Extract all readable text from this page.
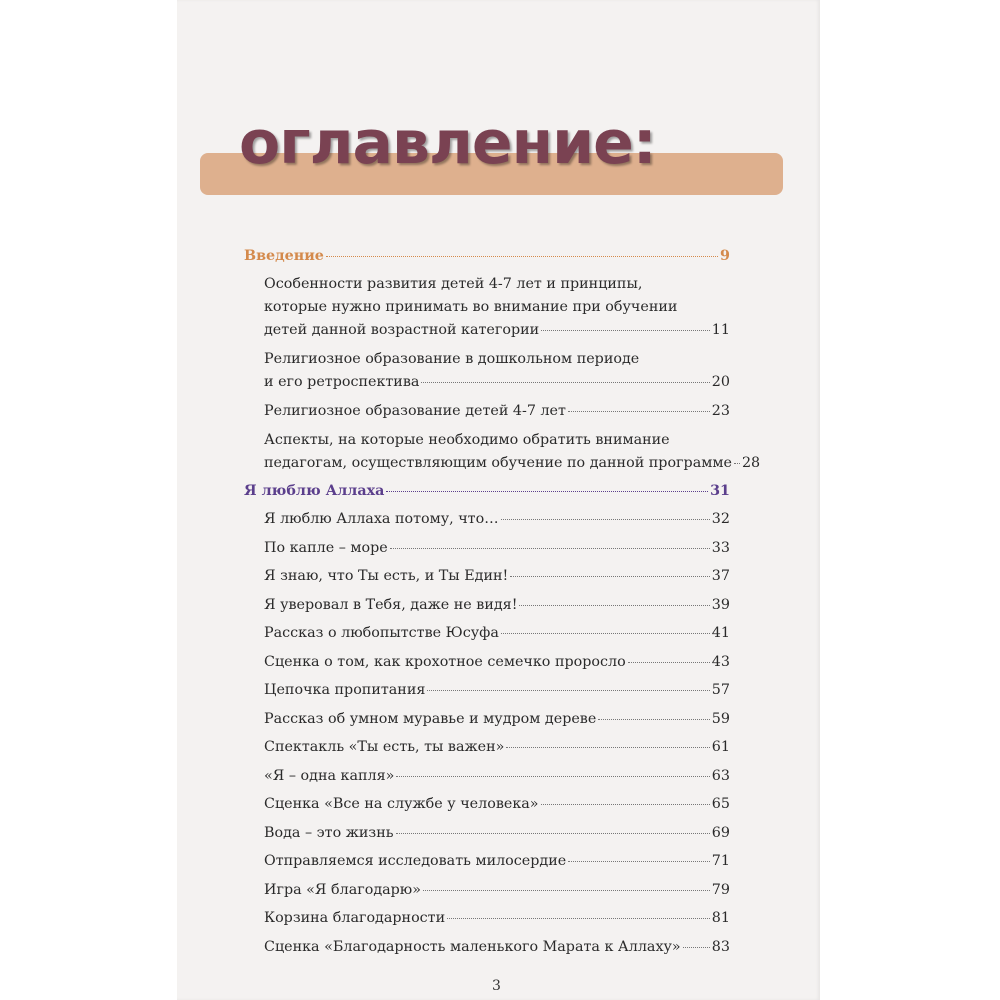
оглавление:
Введение	9
Особенности развития детей 4-7 лет и принципы,
которые нужно принимать во внимание при обучении
детей данной возрастной категории	11
Религиозное образование в дошкольном периоде
и его ретроспектива	20
Религиозное образование детей 4-7 лет	23
Аспекты, на которые необходимо обратить внимание
педагогам, осуществляющим обучение по данной программе 28
Я люблю Аллаха	31
Я люблю Аллаха потому, что…	32
По капле – море	33
Я знаю, что Ты есть, и Ты Един!	37
Я уверовал в Тебя, даже не видя!	39
Рассказ о любопытстве Юсуфа	41
Сценка о том, как крохотное семечко проросло	43
Цепочка пропитания	57
Рассказ об умном муравье и мудром дереве	59
Спектакль «Ты есть, ты важен»	61
«Я – одна капля»	63
Сценка «Все на службе у человека»	65
Вода – это жизнь	69
Отправляемся исследовать милосердие	71
Игра «Я благодарю»	79
Корзина благодарности	81
Сценка «Благодарность маленького Марата к Аллаху» 83
3
